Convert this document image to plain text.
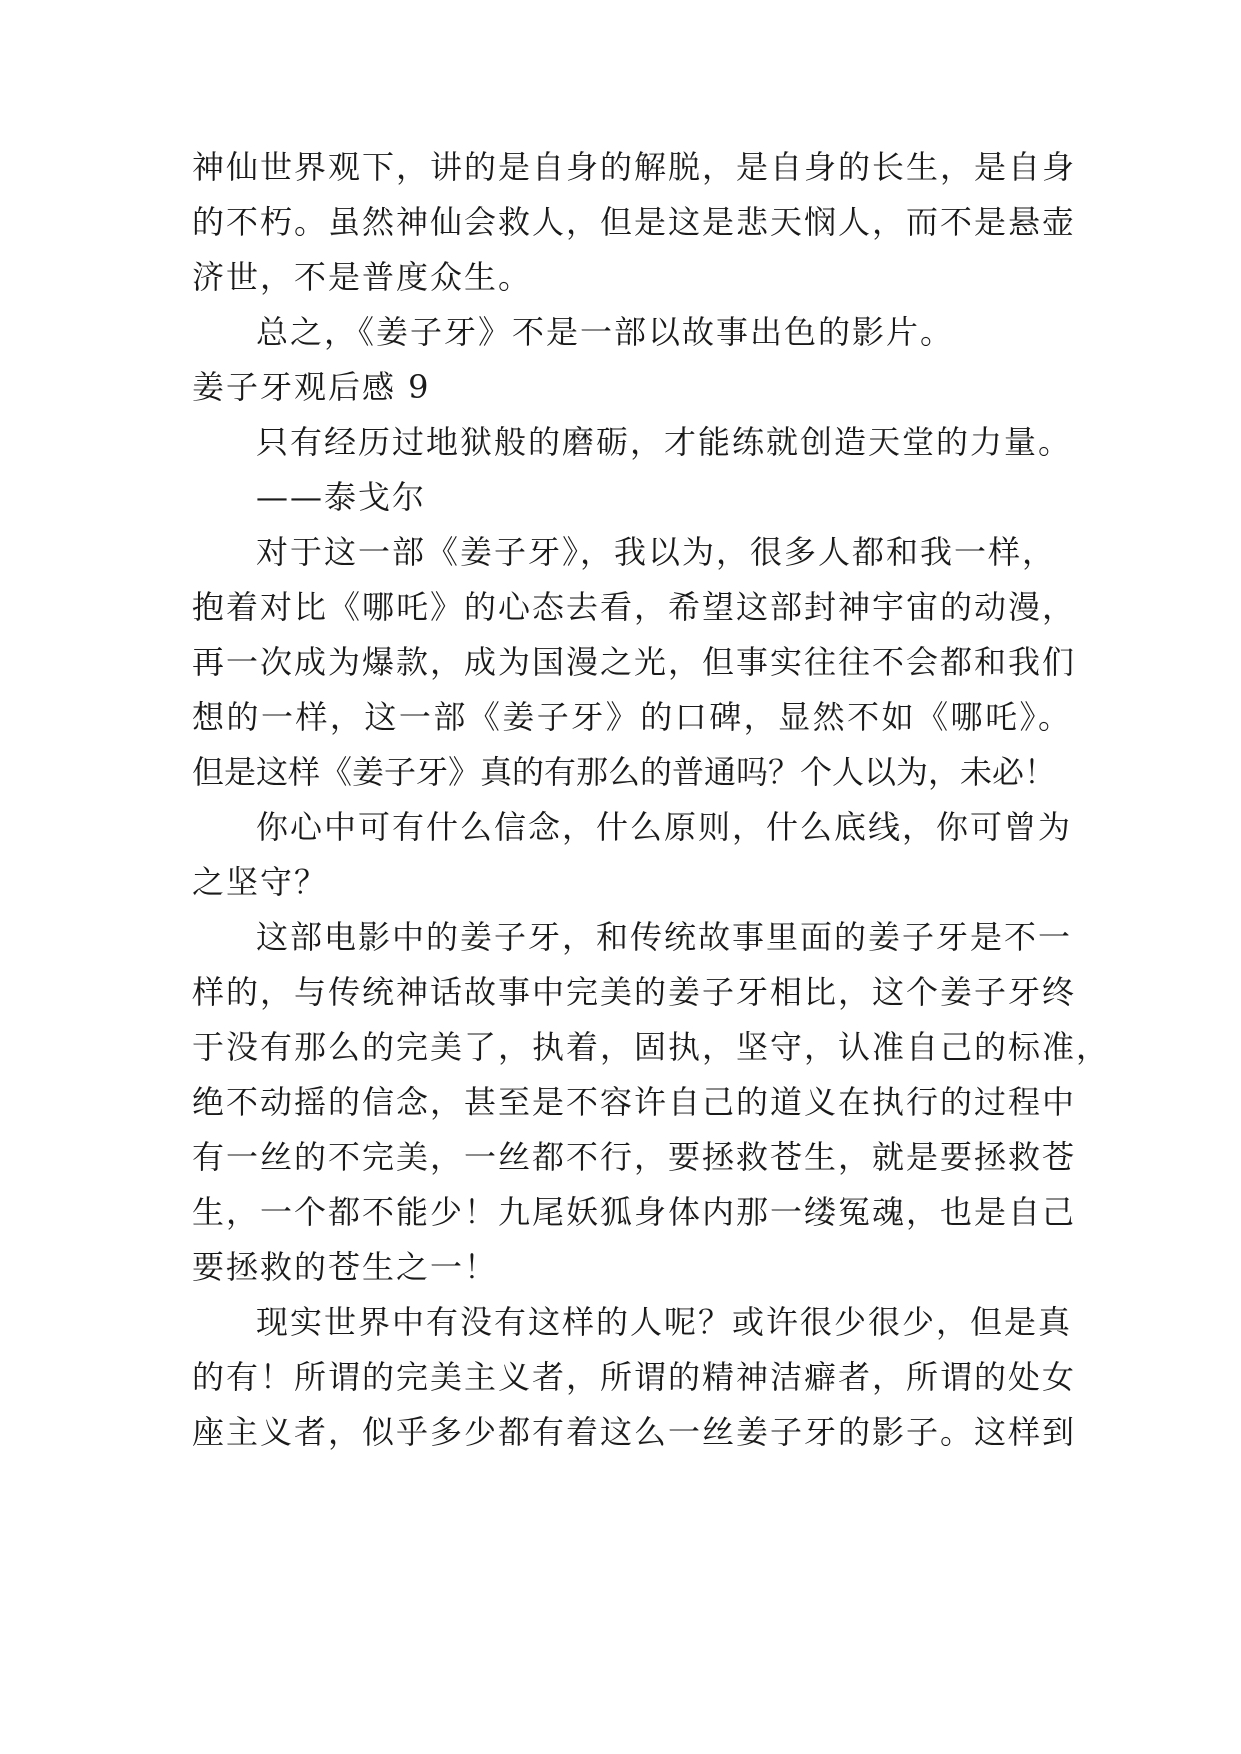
神仙世界观下，讲的是自身的解脱，是自身的长生，是自身
的不朽。虽然神仙会救人，但是这是悲天悯人，而不是悬壶
济世，不是普度众生。
总之，《姜子牙》不是一部以故事出色的影片。
姜子牙观后感 9
只有经历过地狱般的磨砺，才能练就创造天堂的力量。
——泰戈尔
对于这一部《姜子牙》，我以为，很多人都和我一样，
抱着对比《哪吒》的心态去看，希望这部封神宇宙的动漫，
再一次成为爆款，成为国漫之光，但事实往往不会都和我们
想的一样，这一部《姜子牙》的口碑，显然不如《哪吒》。
但是这样《姜子牙》真的有那么的普通吗？个人以为，未必！
你心中可有什么信念，什么原则，什么底线，你可曾为
之坚守？
这部电影中的姜子牙，和传统故事里面的姜子牙是不一
样的，与传统神话故事中完美的姜子牙相比，这个姜子牙终
于没有那么的完美了，执着，固执，坚守，认准自己的标准，
绝不动摇的信念，甚至是不容许自己的道义在执行的过程中
有一丝的不完美，一丝都不行，要拯救苍生，就是要拯救苍
生，一个都不能少！九尾妖狐身体内那一缕冤魂，也是自己
要拯救的苍生之一！
现实世界中有没有这样的人呢？或许很少很少，但是真
的有！所谓的完美主义者，所谓的精神洁癖者，所谓的处女
座主义者，似乎多少都有着这么一丝姜子牙的影子。这样到
